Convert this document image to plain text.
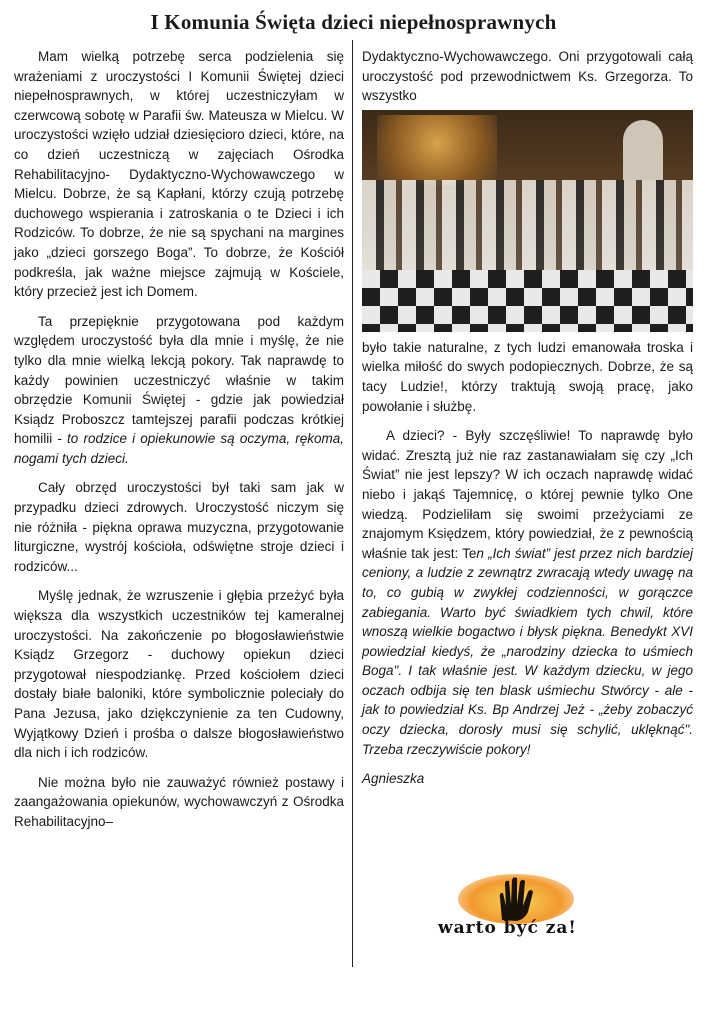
I Komunia Święta dzieci niepełnosprawnych

Mam wielką potrzebę serca podzielenia się wrażeniami z uroczystości I Komunii Świętej dzieci niepełnosprawnych, w której uczestniczyłam w czerwcową sobotę w Parafii św. Mateusza w Mielcu. W uroczystości wzięło udział dziesięcioro dzieci, które, na co dzień uczestniczą w zajęciach Ośrodka Rehabilitacyjno- Dydaktyczno-Wychowawczego w Mielcu. Dobrze, że są Kapłani, którzy czują potrzebę duchowego wspierania i zatroskania o te Dzieci i ich Rodziców. To dobrze, że nie są spychani na margines jako „dzieci gorszego Boga”. To dobrze, że Kościół podkreśla, jak ważne miejsce zajmują w Kościele, który przecież jest ich Domem.

Ta przepięknie przygotowana pod każdym względem uroczystość była dla mnie i myślę, że nie tylko dla mnie wielką lekcją pokory. Tak naprawdę to każdy powinien uczestniczyć właśnie w takim obrzędzie Komunii Świętej - gdzie jak powiedział Ksiądz Proboszcz tamtejszej parafii podczas krótkiej homilii - to rodzice i opiekunowie są oczyma, rękoma, nogami tych dzieci.

Cały obrzęd uroczystości był taki sam jak w przypadku dzieci zdrowych. Uroczystość niczym się nie różniła - piękna oprawa muzyczna, przygotowanie liturgiczne, wystrój kościoła, odświętne stroje dzieci i rodziców...

Myślę jednak, że wzruszenie i głębia przeżyć była większa dla wszystkich uczestników tej kameralnej uroczystości. Na zakończenie po błogosławieństwie Ksiądz Grzegorz - duchowy opiekun dzieci przygotował niespodziankę. Przed kościołem dzieci dostały białe baloniki, które symbolicznie poleciały do Pana Jezusa, jako dziękczynienie za ten Cudowny, Wyjątkowy Dzień i prośba o dalsze błogosławieństwo dla nich i ich rodziców.

Nie można było nie zauważyć również postawy i zaangażowania opiekunów, wychowawczyń z Ośrodka Rehabilitacyjno–

Dydaktyczno-Wychowawczego. Oni przygotowali całą uroczystość pod przewodnictwem Ks. Grzegorza. To wszystko

było takie naturalne, z tych ludzi emanowała troska i wielka miłość do swych podopiecznych. Dobrze, że są tacy Ludzie!, którzy traktują swoją pracę, jako powołanie i służbę.

A dzieci? - Były szczęśliwie! To naprawdę było widać. Zresztą już nie raz zastanawiałam się czy „Ich Świat” nie jest lepszy? W ich oczach naprawdę widać niebo i jakąś Tajemnicę, o której pewnie tylko One wiedzą. Podzieliłam się swoimi przeżyciami ze znajomym Księdzem, który powiedział, że z pewnością właśnie tak jest: Ten „Ich świat” jest przez nich bardziej ceniony, a ludzie z zewnątrz zwracają wtedy uwagę na to, co gubią w zwykłej codzienności, w gorączce zabiegania. Warto być świadkiem tych chwil, które wnoszą wielkie bogactwo i błysk piękna. Benedykt XVI powiedział kiedyś, że „narodziny dziecka to uśmiech Boga". I tak właśnie jest. W każdym dziecku, w jego oczach odbija się ten blask uśmiechu Stwórcy - ale - jak to powiedział Ks. Bp Andrzej Jeż - „żeby zobaczyć oczy dziecka, dorosły musi się schylić, uklęknąć". Trzeba rzeczywiście pokory!

Agnieszka

warto być za!
